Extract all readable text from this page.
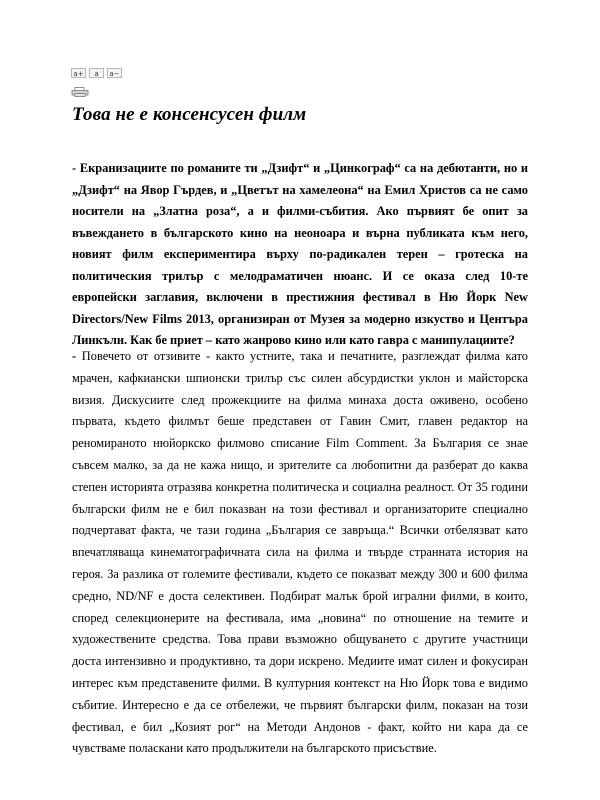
a+	a	a−
Това не е консенсусен филм

- Екранизациите по романите ти „Дзифт“ и „Цинкограф“ са на дебютанти, но и „Дзифт“ на Явор Гърдев, и „Цветът на хамелеона“ на Емил Христов са не само носители на „Златна роза“, а и филми-събития. Ако първият бе опит за въвеждането в българското кино на неоноара и върна публиката към него, новият филм експериментира върху по-радикален терен – гротеска на политическия трилър с мелодраматичен нюанс. И се оказа след 10-те европейски заглавия, включени в престижния фестивал в Ню Йорк New Directors/New Films 2013, организиран от Музея за модерно изкуство и Центъра Линкълн. Как бе приет – като жанрово кино или като гавра с манипулациите?

- Повечето от отзивите - както устните, така и печатните, разглеждат филма като мрачен, кафкиански шпионски трилър със силен абсурдистки уклон и майсторска визия. Дискусиите след прожекциите на филма минаха доста оживено, особено първата, където филмът беше представен от Гавин Смит, главен редактор на реномираното нюйоркско филмово списание Film Comment. За България се знае съвсем малко, за да не кажа нищо, и зрителите са любопитни да разберат до каква степен историята отразява конкретна политическа и социална реалност. От 35 години български филм не е бил показван на този фестивал и организаторите специално подчертават факта, че тази година „България се завръща.“ Всички отбелязват като впечатляваща кинематографичната сила на филма и твърде странната история на героя. За разлика от големите фестивали, където се показват между 300 и 600 филма средно, ND/NF е доста селективен. Подбират малък брой игрални филми, в които, според селекционерите на фестивала, има „новина“ по отношение на темите и художествените средства. Това прави възможно общуването с другите участници доста интензивно и продуктивно, та дори искрено. Медиите имат силен и фокусиран интерес към представените филми. В културния контекст на Ню Йорк това е видимо събитие. Интересно е да се отбележи, че първият български филм, показан на този фестивал, е бил „Козият рог“ на Методи Андонов - факт, който ни кара да се чувстваме поласкани като продължители на българското присъствие.
